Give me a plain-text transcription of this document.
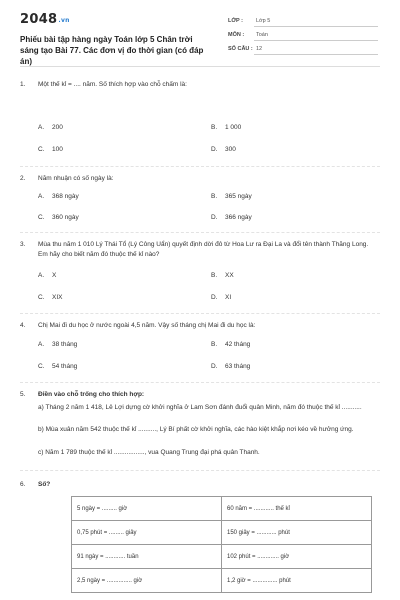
2048.vn
Phiếu bài tập hàng ngày Toán lớp 5 Chân trời sáng tạo Bài 77. Các đơn vị đo thời gian (có đáp án)
LỚP : Lớp 5
MÔN : Toán
SỐ CÂU : 12
1. Một thế kỉ = .... năm. Số thích hợp vào chỗ chấm là:
A. 200	B. 1 000
C. 100	D. 300
2. Năm nhuận có số ngày là:
A. 368 ngày	B. 365 ngày
C. 360 ngày	D. 366 ngày
3. Mùa thu năm 1 010 Lý Thái Tổ (Lý Công Uẩn) quyết định dời đô từ Hoa Lư ra Đại La và đổi tên thành Thăng Long. Em hãy cho biết năm đó thuộc thế kỉ nào?
A. X	B. XX
C. XIX	D. XI
4. Chị Mai đi du học ở nước ngoài 4,5 năm. Vậy số tháng chị Mai đi du học là:
A. 38 tháng	B. 42 tháng
C. 54 tháng	D. 63 tháng
5. Điền vào chỗ trống cho thích hợp:
a) Tháng 2 năm 1 418, Lê Lợi dựng cờ khởi nghĩa ở Lam Sơn đánh đuổi quân Minh, năm đó thuộc thế kỉ ...........
b) Mùa xuân năm 542 thuộc thế kỉ .........., Lý Bí phất cờ khởi nghĩa, các hào kiệt khắp nơi kéo về hưởng ứng.
c) Năm 1 789 thuộc thế kỉ ................., vua Quang Trung đại phá quân Thanh.
6. Số?
5 ngày = ......... giờ	60 năm = ............ thế kỉ
0,75 phút = ......... giây	150 giây = ............ phút
91 ngày = ............ tuần	102 phút = ............. giờ
2,5 ngày = ............... giờ	1,2 giờ = ............... phút
